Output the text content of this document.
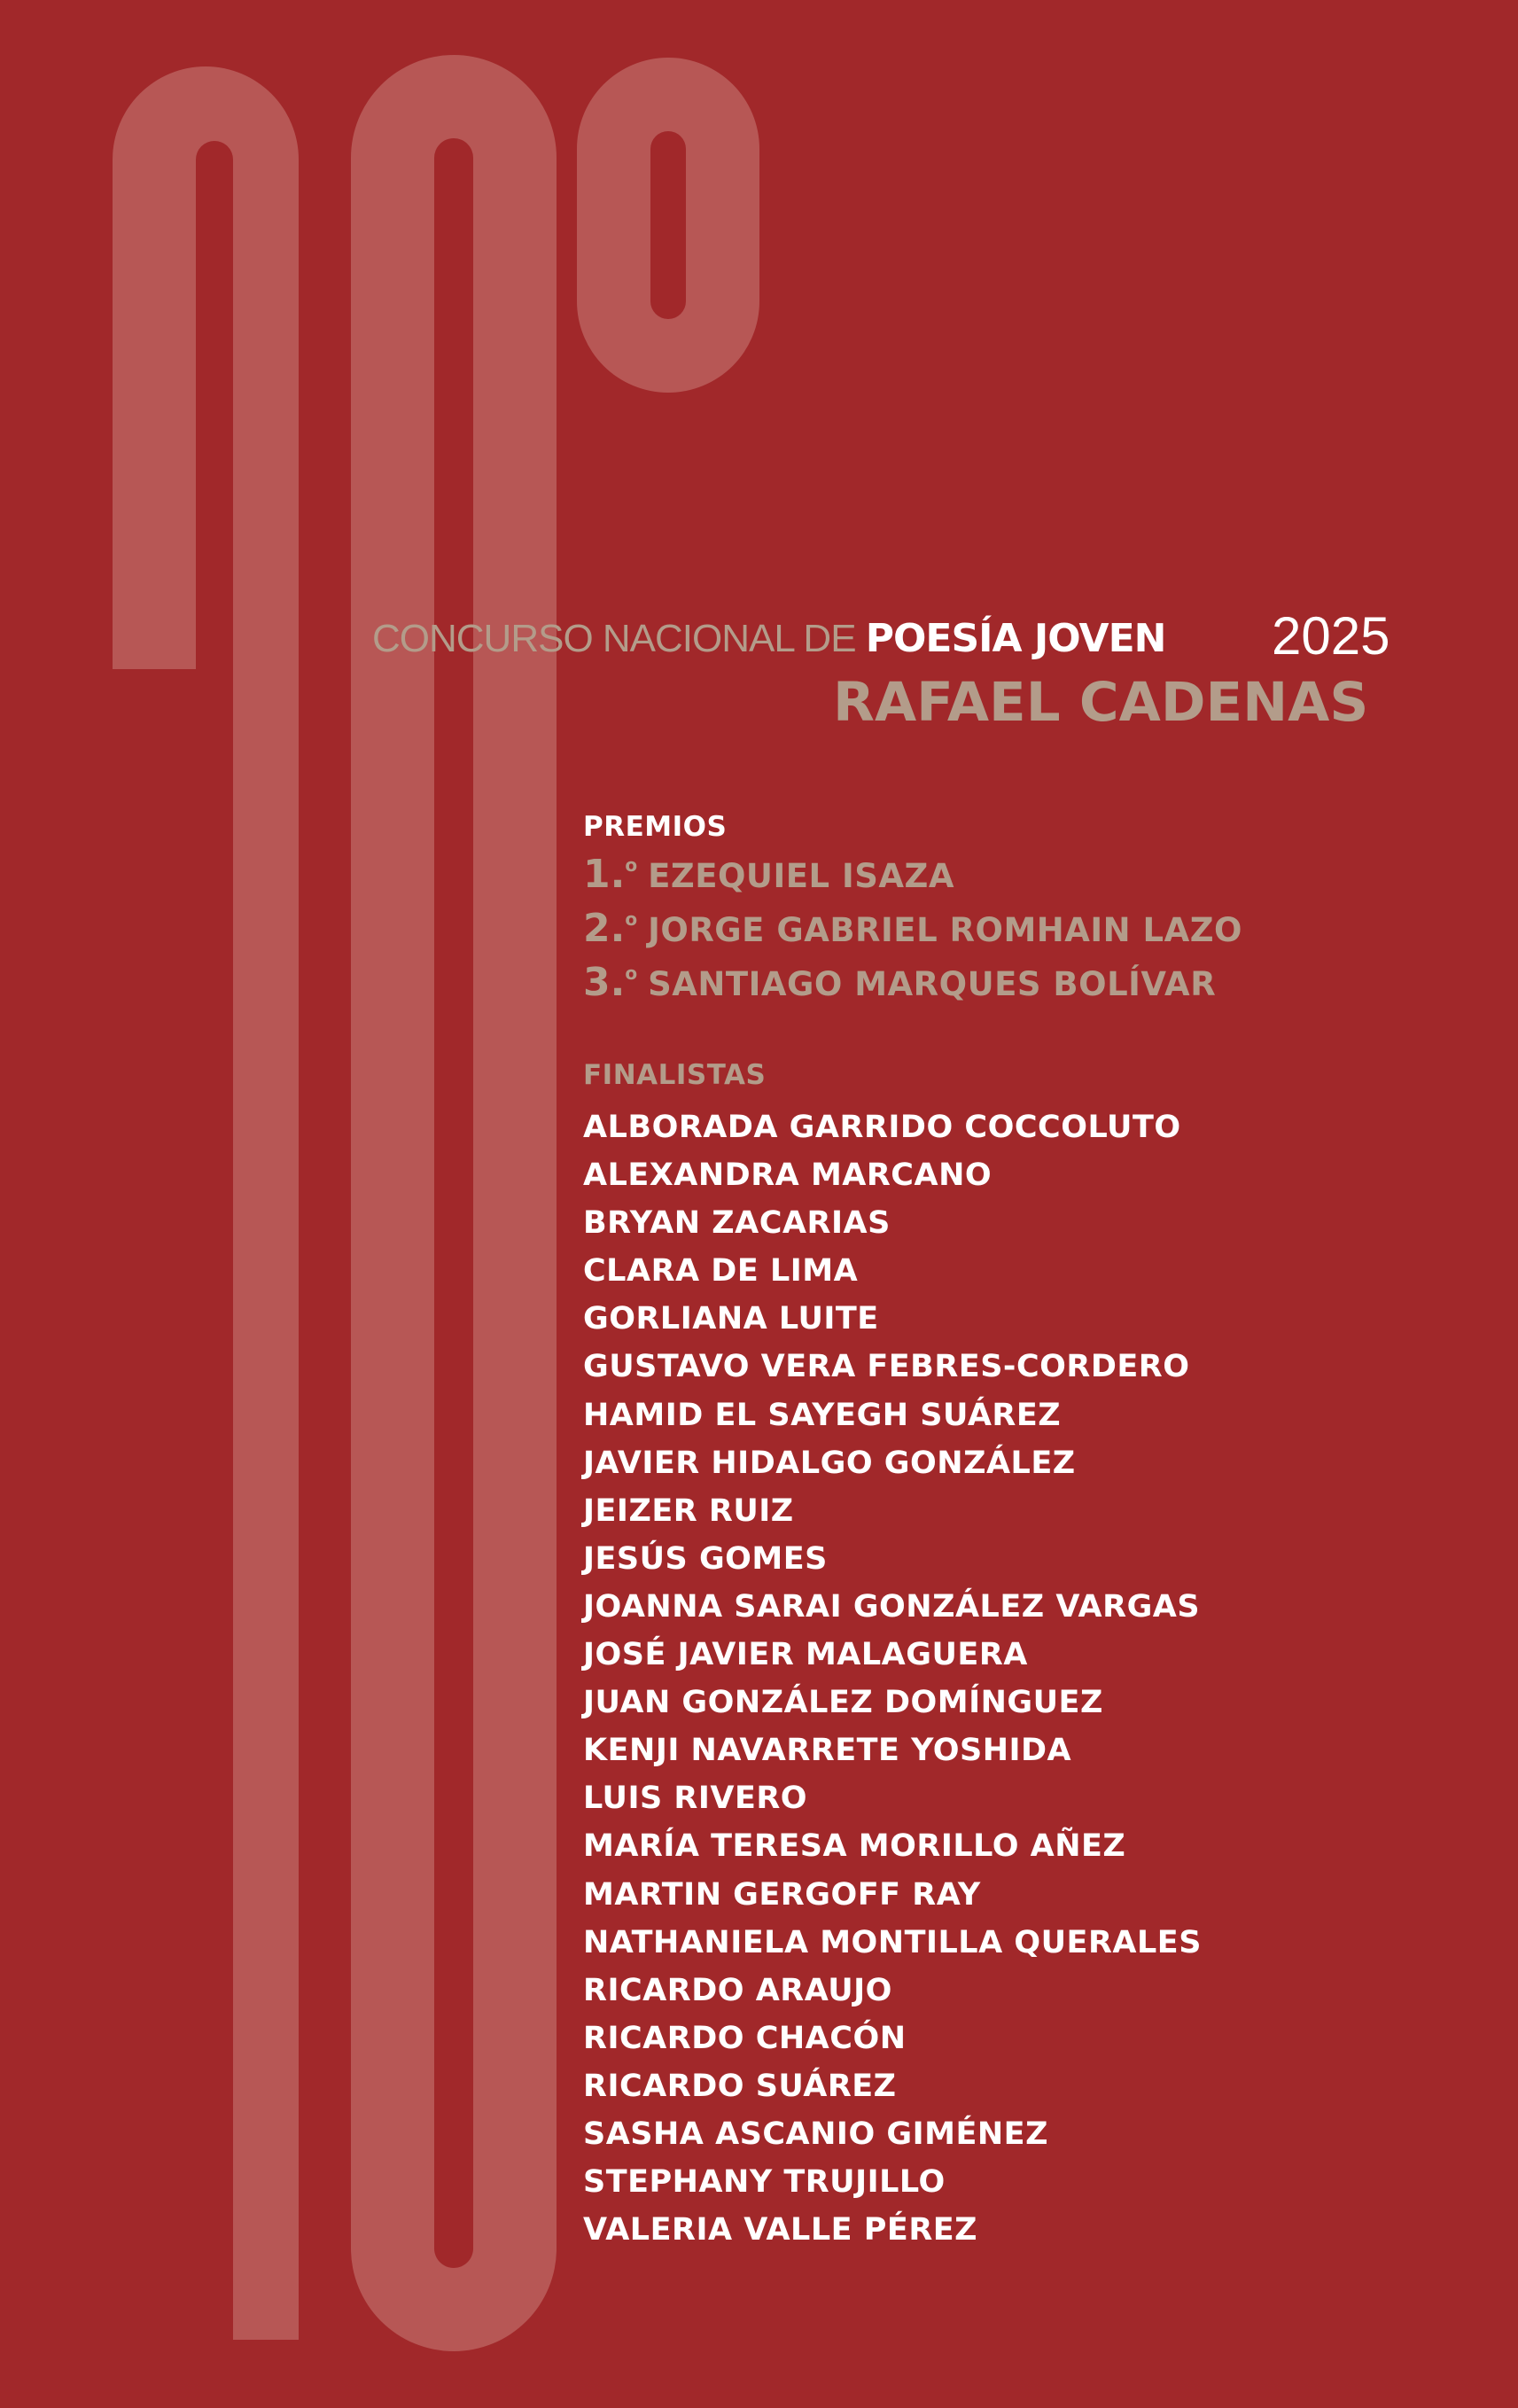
CONCURSO NACIONAL DE POESÍA JOVEN 2025
RAFAEL CADENAS
PREMIOS
1. o EZEQUIEL ISAZA
2. o JORGE GABRIEL ROMHAIN LAZO
3. o SANTIAGO MARQUES BOLÍVAR
FINALISTAS
ALBORADA GARRIDO COCCOLUTO
ALEXANDRA MARCANO
BRYAN ZACARIAS
CLARA DE LIMA
GORLIANA LUITE
GUSTAVO VERA FEBRES-CORDERO
HAMID EL SAYEGH SUÁREZ
JAVIER HIDALGO GONZÁLEZ
JEIZER RUIZ
JESÚS GOMES
JOANNA SARAI GONZÁLEZ VARGAS
JOSÉ JAVIER MALAGUERA
JUAN GONZÁLEZ DOMÍNGUEZ
KENJI NAVARRETE YOSHIDA
LUIS RIVERO
MARÍA TERESA MORILLO AÑEZ
MARTIN GERGOFF RAY
NATHANIELA MONTILLA QUERALES
RICARDO ARAUJO
RICARDO CHACÓN
RICARDO SUÁREZ
SASHA ASCANIO GIMÉNEZ
STEPHANY TRUJILLO
VALERIA VALLE PÉREZ
